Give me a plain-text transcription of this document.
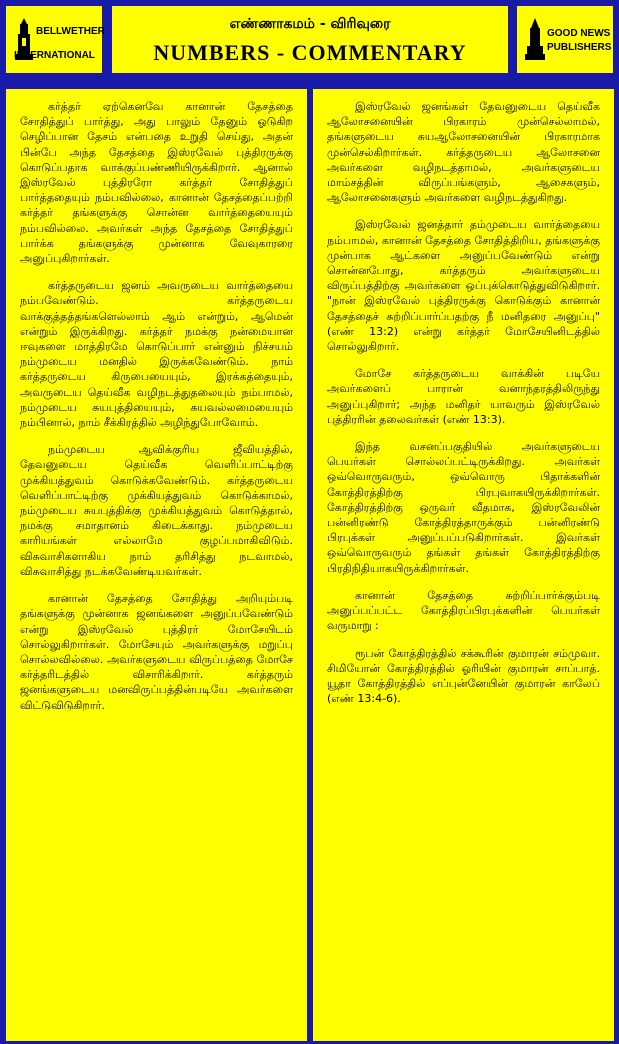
BELLWETHER
INTERNATIONAL
எண்ணாகமம் - விரிவுரை
NUMBERS - COMMENTARY
GOOD NEWS
PUBLISHERS

கர்த்தர் ஏற்கெனவே கானான் தேசத்தை சோதித்துப் பார்த்து, அது பாலும் தேனும் ஓடுகிற செழிப்பான தேசம் என்பதை உறுதி செய்து, அதன் பின்பே அந்த தேசத்தை இஸ்ரவேல் புத்திரருக்கு கொடுப்பதாக வாக்குப்பண்ணியிருக்கிறார். ஆனால் இஸ்ரவேல் புத்திரரோ கர்த்தர் சோதித்துப் பார்த்ததையும் நம்பவில்லை, கானான் தேசத்தைப்பற்றி கர்த்தர் தங்களுக்கு சொன்ன வார்த்தையையும் நம்பவில்லை. அவர்கள் அந்த தேசத்தை சோதித்துப் பார்க்க தங்களுக்கு முன்னாக வேவுகாரரை அனுப்புகிறார்கள்.

கர்த்தருடைய ஜனம் அவருடைய வார்த்தையை நம்பவேண்டும். கர்த்தருடைய வாக்குத்தத்தங்களெல்லாம் ஆம் என்றும், ஆமென் என்றும் இருக்கிறது. கர்த்தர் நமக்கு நன்மையான ஈவுகளை மாத்திரமே கொடுப்பார் என்னும் நிச்சயம் நம்முடைய மனதில் இருக்கவேண்டும். நாம் கர்த்தருடைய கிருபையையும், இரக்கத்தையும், அவருடைய தெய்வீக வழிநடத்துதலையும் நம்பாமல், நம்முடைய சுயபுத்தியையும், சுயவல்லமையையும் நம்பினால், நாம் சீக்கிரத்தில் அழிந்துபோவோம்.

நம்முடைய ஆவிக்குரிய ஜீவியத்தில், தேவனுடைய தெய்வீக வெளிப்பாட்டிற்கு முக்கியத்துவம் கொடுக்கவேண்டும். கர்த்தருடைய வெளிப்பாட்டிற்கு முக்கியத்துவம் கொடுக்காமல், நம்முடைய சுயபுத்திக்கு முக்கியத்துவம் கொடுத்தால், நமக்கு சமாதானம் கிடைக்காது. நம்முடைய காரியங்கள் எல்லாமே குழப்பமாகிவிடும். விசுவாசிகளாகிய நாம் தரிசித்து நடவாமல், விசுவாசித்து நடக்கவேண்டியவர்கள்.

கானான் தேசத்தை சோதித்து அறியும்படி தங்களுக்கு முன்னாக ஜனங்களை அனுப்பவேண்டும் என்று இஸ்ரவேல் புத்திரர் மோசேயிடம் சொல்லுகிறார்கள். மோசேயும் அவர்களுக்கு மறுப்பு சொல்லவில்லை. அவர்களுடைய விருப்பத்தை மோசே கர்த்தரிடத்தில் விசாரிக்கிறார். கர்த்தரும் ஜனங்களுடைய மனவிருப்பத்தின்படியே அவர்களை விட்டுவிடுகிறார்.

இஸ்ரவேல் ஜனங்கள் தேவனுடைய தெய்வீக ஆலோசனையின் பிரகாரம் முன்செல்லாமல், தங்களுடைய சுயஆலோசனையின் பிரகாரமாக முன்செல்கிறார்கள். கர்த்தருடைய ஆலோசனை அவர்களை வழிநடத்தாமல், அவர்களுடைய மாம்சத்தின் விருப்பங்களும், ஆசைகளும், ஆலோசனைகளும் அவர்களை வழிநடத்துகிறது.

இஸ்ரவேல் ஜனத்தார் தம்முடைய வார்த்தையை நம்பாமல், கானான் தேசத்தை சோதித்திறிய, தங்களுக்கு முன்பாக ஆட்களை அனுப்பவேண்டும் என்று சொன்னபோது, கர்த்தரும் அவர்களுடைய விருப்பத்திற்கு அவர்களை ஒப்புக்கொடுத்துவிடுகிறார். "நான் இஸ்ரவேல் புத்திரருக்கு கொடுக்கும் கானான் தேசத்தைச் சுற்றிப்பார்ப்பதற்கு நீ மனிதரை அனுப்பு" (எண் 13:2) என்று கர்த்தர் மோசேயினிடத்தில் சொல்லுகிறார்.

மோசே கர்த்தருடைய வாக்கின் படியே அவர்களைப் பாரான் வனாந்தரத்திலிருந்து அனுப்புகிறார்; அந்த மனிதர் யாவரும் இஸ்ரவேல் புத்திரரின் தலைவர்கள் (எண் 13:3).

இந்த வசனப்பகுதியில் அவர்களுடைய பெயர்கள் சொல்லப்பட்டிருக்கிறது. அவர்கள் ஒவ்வொருவரும், ஒவ்வொரு பிதாக்களின் கோத்திரத்திற்கு பிரபுவாகயிருக்கிறார்கள். கோத்திரத்திற்கு ஒருவர் வீதமாக, இஸ்ரவேலின் பன்னிரண்டு கோத்திரத்தாருக்கும் பன்னிரண்டு பிரபுக்கள் அனுப்பப்படுகிறார்கள். இவர்கள் ஒவ்வொருவரும் தங்கள் தங்கள் கோத்திரத்திற்கு பிரதிநிதியாகயிருக்கிறார்கள்.

கானான் தேசத்தை சுற்றிப்பார்க்கும்படி அனுப்பப்பட்ட கோத்திரப்பிரபுக்களின் பெயர்கள் வருமாறு :

ரூபன் கோத்திரத்தில் சக்கூரின் குமாரன் சம்முவா. சிமியோன் கோத்திரத்தில் ஓரியின் குமாரன் சாப்பாத். யூதா கோத்திரத்தில் எப்புன்னேயின் குமாரன் காலேப் (எண் 13:4-6).
